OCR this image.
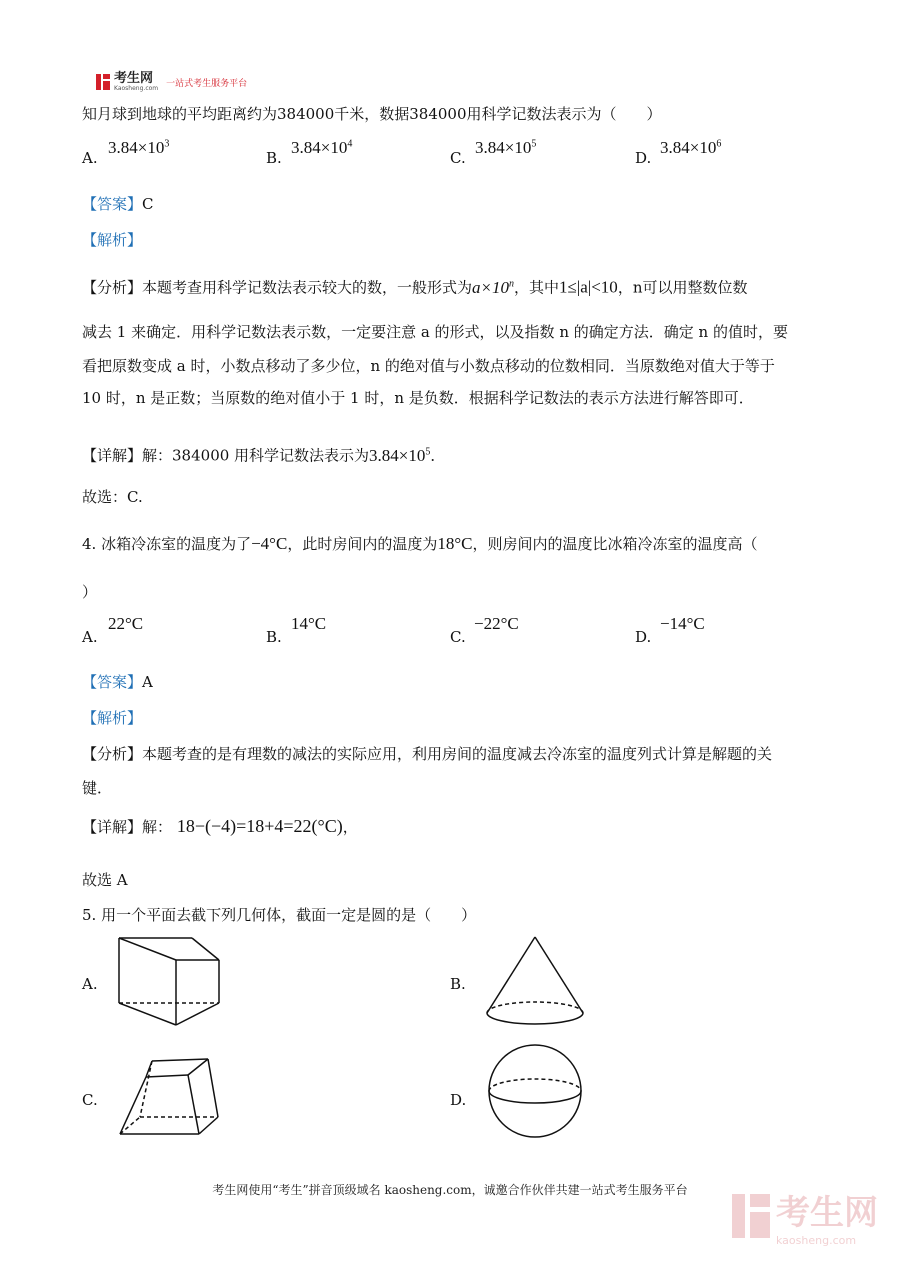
考生网
Kaosheng.com 一站式考生服务平台
知月球到地球的平均距离约为384000千米，数据384000用科学记数法表示为（　　）
A.
$3.84\times 10^3$
B.
$3.84\times 10^4$
C.
$3.84\times 10^5$
D.
$3.84\times 10^6$
【答案】C
【解析】
【分析】本题考查用科学记数法表示较大的数，一般形式为$a\times 10^n$，其中1≤|a|<10，n可以用整数位数
减去 1 来确定．用科学记数法表示数，一定要注意 a 的形式，以及指数 n 的确定方法．确定 n 的值时，要
看把原数变成 a 时，小数点移动了多少位，n 的绝对值与小数点移动的位数相同．当原数绝对值大于等于
10 时，n 是正数；当原数的绝对值小于 1 时，n 是负数．根据科学记数法的表示方法进行解答即可．
【详解】解：384000 用科学记数法表示为$3.84\times 10^5$．
故选：C.
4. 冰箱冷冻室的温度为了−4°C，此时房间内的温度为18°C，则房间内的温度比冰箱冷冻室的温度高（
）
A.
22°C
B.
14°C
C.
−22°C
D.
−14°C
【答案】A
【解析】
【分析】本题考查的是有理数的减法的实际应用，利用房间的温度减去冷冻室的温度列式计算是解题的关
键．
【详解】解： 18−(−4)=18+4=22(°C)，
故选 A
5. 用一个平面去截下列几何体，截面一定是圆的是（　　）
A.	B.
C.	D.
考生网使用“考生”拼音顶级域名 kaosheng.com，诚邀合作伙伴共建一站式考生服务平台
考生网
kaosheng.com
